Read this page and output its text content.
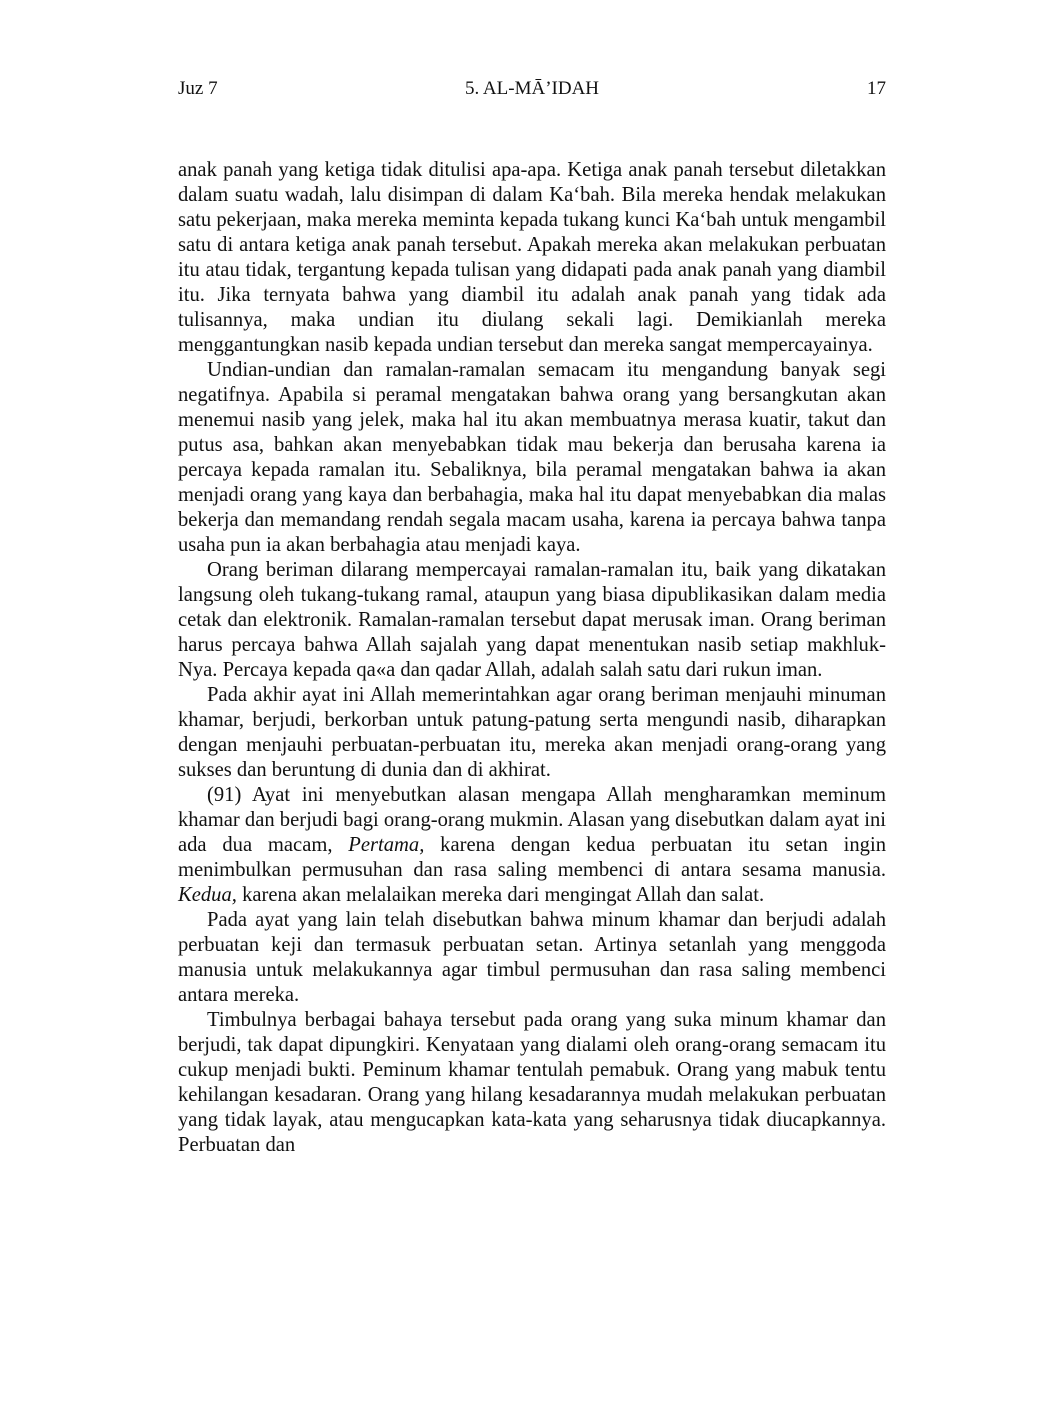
Juz 7	5. AL-MĀ’IDAH	17

anak panah yang ketiga tidak ditulisi apa-apa. Ketiga anak panah tersebut diletakkan dalam suatu wadah, lalu disimpan di dalam Ka‘bah. Bila mereka hendak melakukan satu pekerjaan, maka mereka meminta kepada tukang kunci Ka‘bah untuk mengambil satu di antara ketiga anak panah tersebut. Apakah mereka akan melakukan perbuatan itu atau tidak, tergantung kepada tulisan yang didapati pada anak panah yang diambil itu. Jika ternyata bahwa yang diambil itu adalah anak panah yang tidak ada tulisannya, maka undian itu diulang sekali lagi. Demikianlah mereka menggantungkan nasib kepada undian tersebut dan mereka sangat mempercayainya.

Undian-undian dan ramalan-ramalan semacam itu mengandung banyak segi negatifnya. Apabila si peramal mengatakan bahwa orang yang bersangkutan akan menemui nasib yang jelek, maka hal itu akan membuatnya merasa kuatir, takut dan putus asa, bahkan akan menyebabkan tidak mau bekerja dan berusaha karena ia percaya kepada ramalan itu. Sebaliknya, bila peramal mengatakan bahwa ia akan menjadi orang yang kaya dan berbahagia, maka hal itu dapat menyebabkan dia malas bekerja dan memandang rendah segala macam usaha, karena ia percaya bahwa tanpa usaha pun ia akan berbahagia atau menjadi kaya.

Orang beriman dilarang mempercayai ramalan-ramalan itu, baik yang dikatakan langsung oleh tukang-tukang ramal, ataupun yang biasa dipublikasikan dalam media cetak dan elektronik. Ramalan-ramalan tersebut dapat merusak iman. Orang beriman harus percaya bahwa Allah sajalah yang dapat menentukan nasib setiap makhluk-Nya. Percaya kepada qa«a dan qadar Allah, adalah salah satu dari rukun iman.

Pada akhir ayat ini Allah memerintahkan agar orang beriman menjauhi minuman khamar, berjudi, berkorban untuk patung-patung serta mengundi nasib, diharapkan dengan menjauhi perbuatan-perbuatan itu, mereka akan menjadi orang-orang yang sukses dan beruntung di dunia dan di akhirat.

(91) Ayat ini menyebutkan alasan mengapa Allah mengharamkan meminum khamar dan berjudi bagi orang-orang mukmin. Alasan yang disebutkan dalam ayat ini ada dua macam, Pertama, karena dengan kedua perbuatan itu setan ingin menimbulkan permusuhan dan rasa saling membenci di antara sesama manusia. Kedua, karena akan melalaikan mereka dari mengingat Allah dan salat.

Pada ayat yang lain telah disebutkan bahwa minum khamar dan berjudi adalah perbuatan keji dan termasuk perbuatan setan. Artinya setanlah yang menggoda manusia untuk melakukannya agar timbul permusuhan dan rasa saling membenci antara mereka.

Timbulnya berbagai bahaya tersebut pada orang yang suka minum khamar dan berjudi, tak dapat dipungkiri. Kenyataan yang dialami oleh orang-orang semacam itu cukup menjadi bukti. Peminum khamar tentulah pemabuk. Orang yang mabuk tentu kehilangan kesadaran. Orang yang hilang kesadarannya mudah melakukan perbuatan yang tidak layak, atau mengucapkan kata-kata yang seharusnya tidak diucapkannya. Perbuatan dan
